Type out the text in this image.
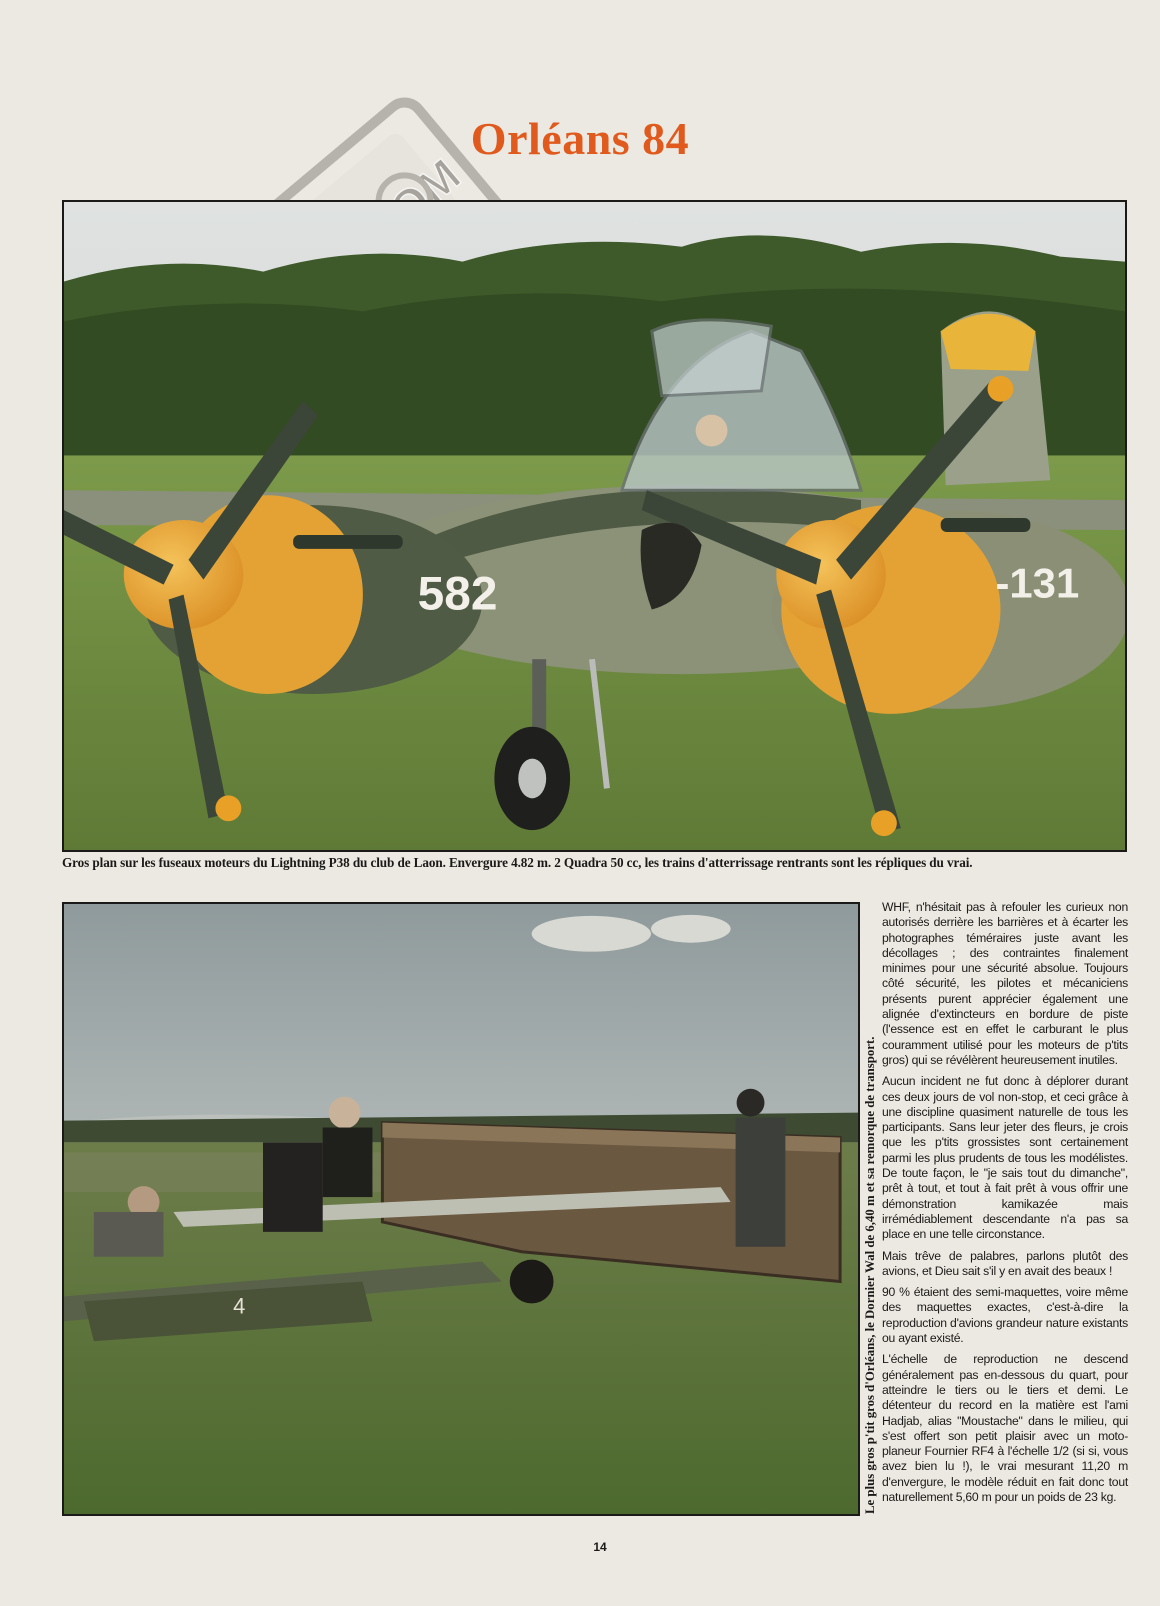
Orléans 84
582	-131
Gros plan sur les fuseaux moteurs du Lightning P38 du club de Laon. Envergure 4.82 m. 2 Quadra 50 cc, les trains d'atterrissage rentrants sont les répliques du vrai.
4	Le plus gros p'tit gros d'Orléans, le Dornier Wal de 6,40 m et sa remorque de transport.

WHF, n'hésitait pas à refouler les curieux non autorisés derrière les barrières et à écarter les photographes téméraires juste avant les décollages ; des contraintes finalement minimes pour une sécurité absolue. Toujours côté sécurité, les pilotes et mécaniciens présents purent apprécier également une alignée d'extincteurs en bordure de piste (l'essence est en effet le carburant le plus couramment utilisé pour les moteurs de p'tits gros) qui se révélèrent heureusement inutiles.

Aucun incident ne fut donc à déplorer durant ces deux jours de vol non-stop, et ceci grâce à une discipline quasiment naturelle de tous les participants. Sans leur jeter des fleurs, je crois que les p'tits grossistes sont certainement parmi les plus prudents de tous les modélistes. De toute façon, le "je sais tout du dimanche", prêt à tout, et tout à fait prêt à vous offrir une démonstration kamikazée mais irrémédiablement descendante n'a pas sa place en une telle circonstance.

Mais trêve de palabres, parlons plutôt des avions, et Dieu sait s'il y en avait des beaux !

90 % étaient des semi-maquettes, voire même des maquettes exactes, c'est-à-dire la reproduction d'avions grandeur nature existants ou ayant existé.

L'échelle de reproduction ne descend généralement pas en-dessous du quart, pour atteindre le tiers ou le tiers et demi. Le détenteur du record en la matière est l'ami Hadjab, alias "Moustache" dans le milieu, qui s'est offert son petit plaisir avec un moto-planeur Fournier RF4 à l'échelle 1/2 (si si, vous avez bien lu !), le vrai mesurant 11,20 m d'envergure, le modèle réduit en fait donc tout naturellement 5,60 m pour un poids de 23 kg.

14
